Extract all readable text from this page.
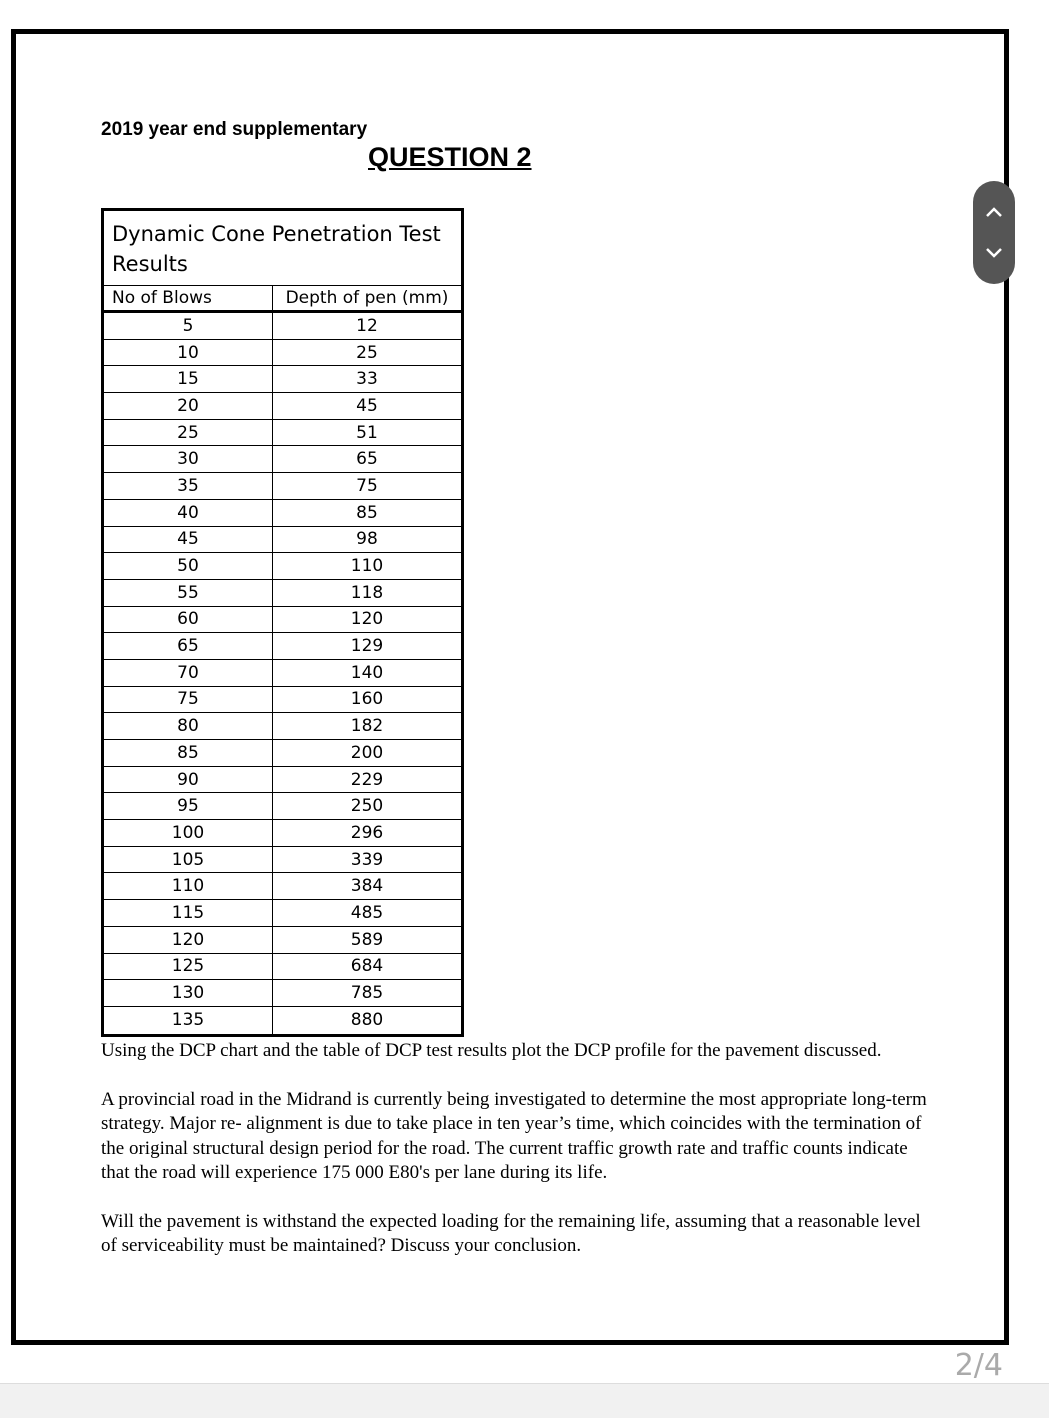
2019 year end supplementary
QUESTION 2
Dynamic Cone Penetration Test Results
No of Blows	Depth of pen (mm)
5	12
10	25
15	33
20	45
25	51
30	65
35	75
40	85
45	98
50	110
55	118
60	120
65	129
70	140
75	160
80	182
85	200
90	229
95	250
100	296
105	339
110	384
115	485
120	589
125	684
130	785
135	880
Using the DCP chart and the table of DCP test results plot the DCP profile for the pavement discussed.
A provincial road in the Midrand is currently being investigated to determine the most appropriate long-term strategy. Major re- alignment is due to take place in ten year’s time, which coincides with the termination of the original structural design period for the road. The current traffic growth rate and traffic counts indicate that the road will experience 175 000 E80's per lane during its life.
Will the pavement is withstand the expected loading for the remaining life, assuming that a reasonable level of serviceability must be maintained? Discuss your conclusion.
2/4
